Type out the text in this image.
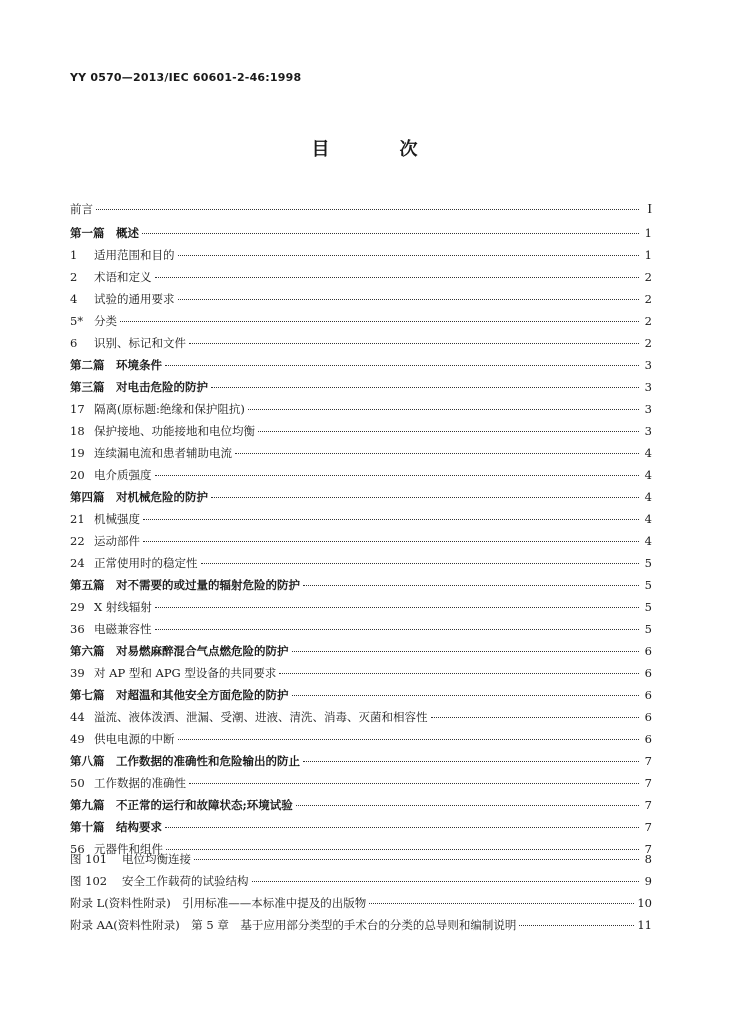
YY 0570—2013/IEC 60601-2-46:1998
目　次
前言	I
第一篇　概述	1
1	适用范围和目的	1
2	术语和定义	2
4	试验的通用要求	2
5* 分类	2
6	识别、标记和文件	2
第二篇　环境条件	3
第三篇　对电击危险的防护	3
17 隔离(原标题:绝缘和保护阻抗)	3
18 保护接地、功能接地和电位均衡	3
19 连续漏电流和患者辅助电流	4
20 电介质强度	4
第四篇　对机械危险的防护	4
21 机械强度	4
22 运动部件	4
24 正常使用时的稳定性	5
第五篇　对不需要的或过量的辐射危险的防护	5
29 X 射线辐射	5
36 电磁兼容性	5
第六篇　对易燃麻醉混合气点燃危险的防护	6
39 对 AP 型和 APG 型设备的共同要求	6
第七篇　对超温和其他安全方面危险的防护	6
44 溢流、液体泼洒、泄漏、受潮、进液、清洗、消毒、灭菌和相容性	6
49 供电电源的中断	6
第八篇　工作数据的准确性和危险输出的防止	7
50 工作数据的准确性	7
第九篇　不正常的运行和故障状态;环境试验	7
第十篇　结构要求	7
56 元器件和组件	7
图 101	电位均衡连接	8
图 102	安全工作载荷的试验结构	9
附录 L(资料性附录)　引用标准——本标准中提及的出版物	10
附录 AA(资料性附录)　第 5 章　基于应用部分类型的手术台的分类的总导则和编制说明	11
